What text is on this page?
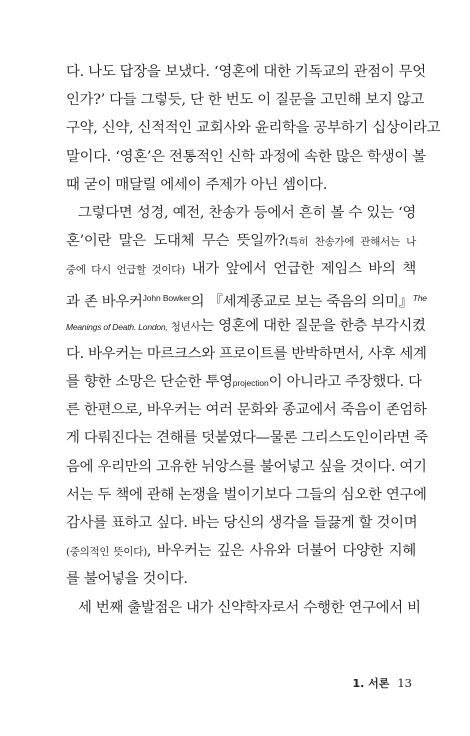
다. 나도 답장을 보냈다. ‘영혼에 대한 기독교의 관점이 무엇
인가?’ 다들 그렇듯, 단 한 번도 이 질문을 고민해 보지 않고
구약, 신약, 신적적인 교회사와 윤리학을 공부하기 십상이라고
말이다. ‘영혼’은 전통적인 신학 과정에 속한 많은 학생이 볼
때 굳이 매달릴 에세이 주제가 아닌 셈이다.
그렇다면 성경, 예전, 찬송가 등에서 흔히 볼 수 있는 ‘영
혼’이란 말은 도대체 무슨 뜻일까?(특히 찬송가에 관해서는 나
중에 다시 언급할 것이다) 내가 앞에서 언급한 제임스 바의 책
과 존 바우커$^{John Bowker}$의 『세계종교로 보는 죽음의 의미』$^{The}$
Meanings of Death. London, 청년사는 영혼에 대한 질문을 한층 부각시켰
다. 바우커는 마르크스와 프로이트를 반박하면서, 사후 세계
를 향한 소망은 단순한 투영projection이 아니라고 주장했다. 다
른 한편으로, 바우커는 여러 문화와 종교에서 죽음이 존엄하
게 다뤄진다는 견해를 덧붙였다—물론 그리스도인이라면 죽
음에 우리만의 고유한 뉘앙스를 불어넣고 싶을 것이다. 여기
서는 두 책에 관해 논쟁을 벌이기보다 그들의 심오한 연구에
감사를 표하고 싶다. 바는 당신의 생각을 들끓게 할 것이며
(중의적인 뜻이다), 바우커는 깊은 사유와 더불어 다양한 지혜
를 불어넣을 것이다.
세 번째 출발점은 내가 신약학자로서 수행한 연구에서 비
1. 서론 13
